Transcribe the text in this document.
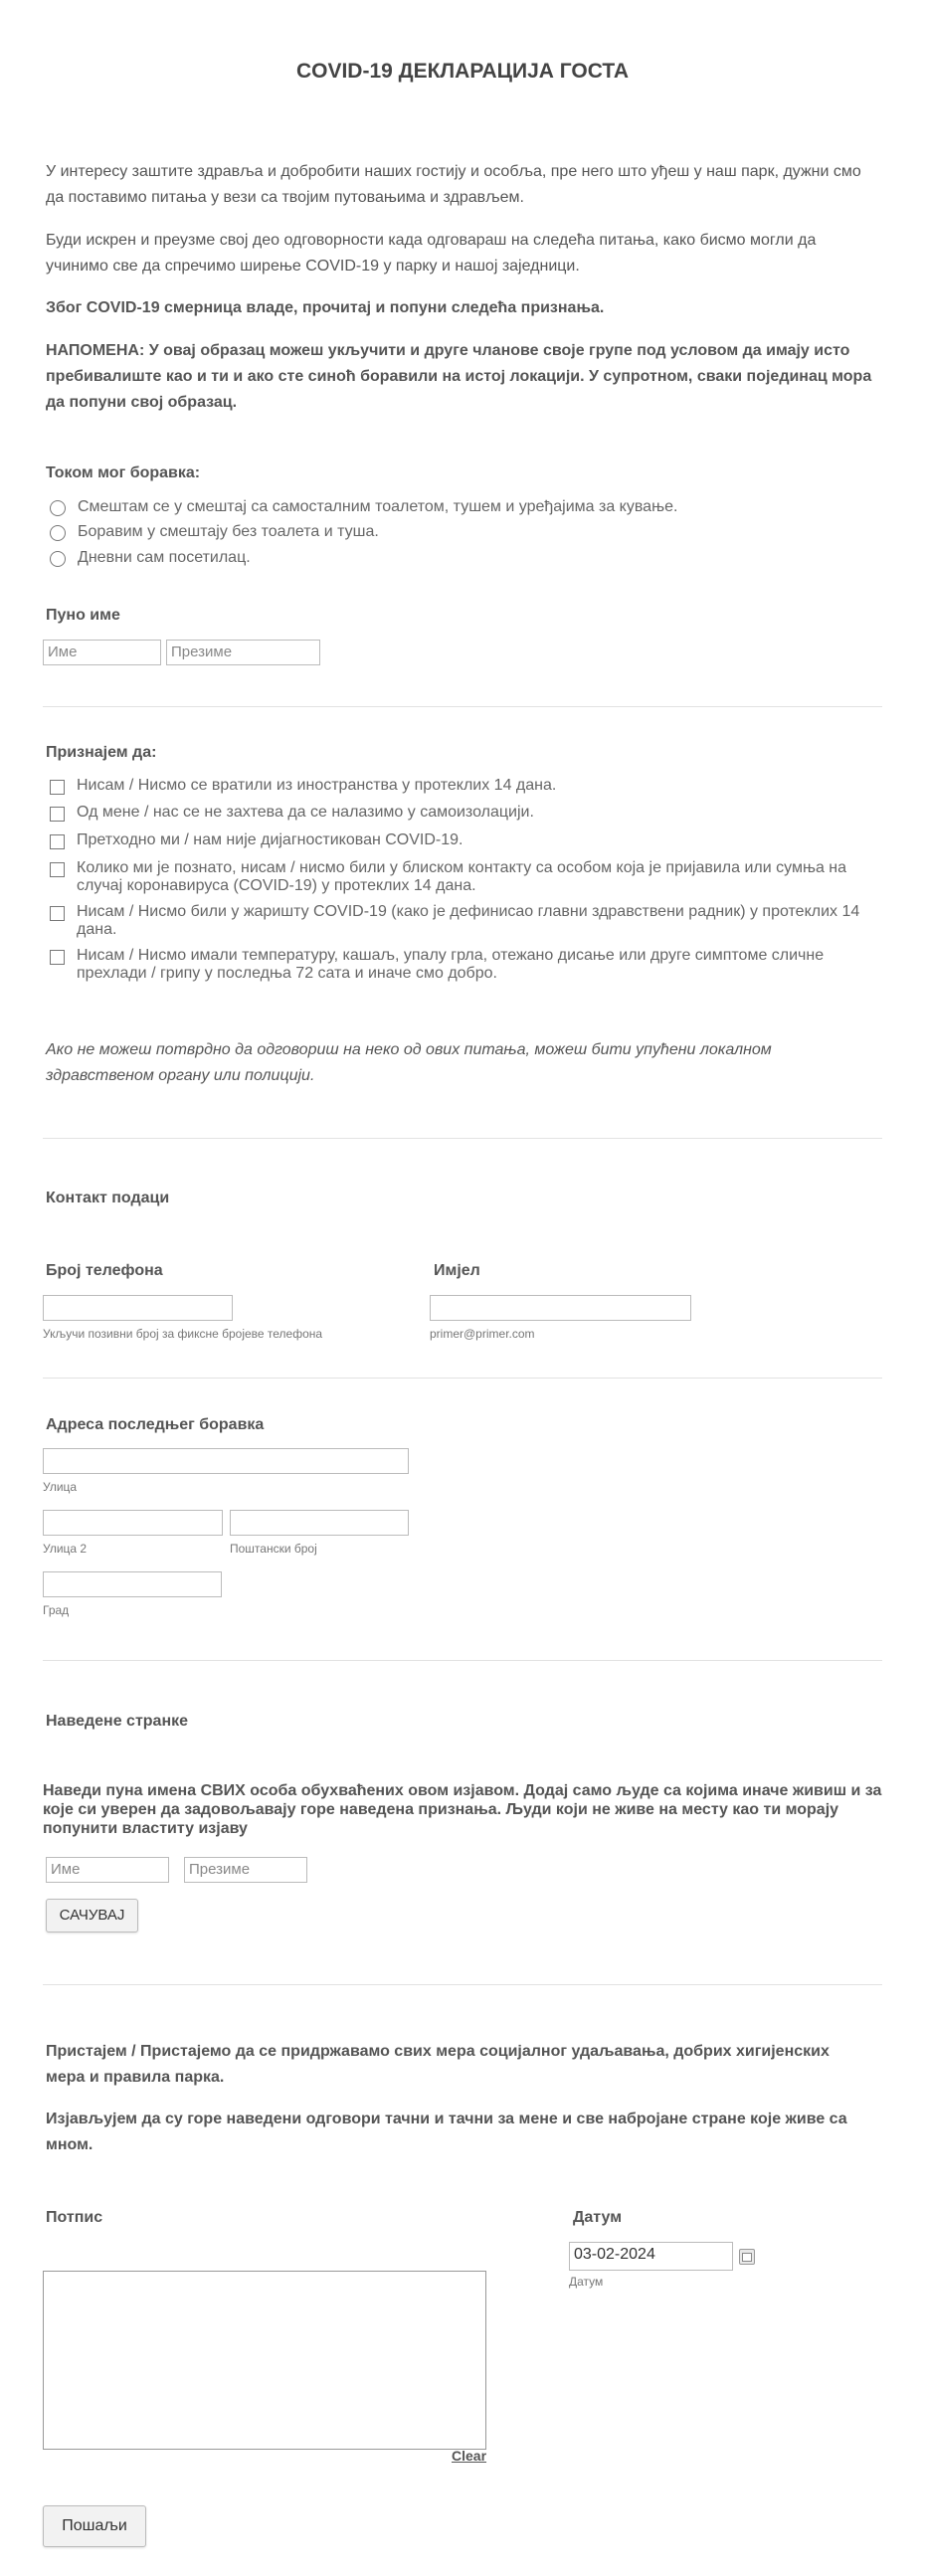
COVID-19 ДЕКЛАРАЦИЈА ГОСТА

У интересу заштите здравља и добробити наших гостију и особља, пре него што уђеш у наш парк, дужни смо да поставимо питања у вези са твојим путовањима и здрављем.

Буди искрен и преузме свој део одговорности када одговараш на следећа питања, како бисмо могли да учинимо све да спречимо ширење COVID-19 у парку и нашој заједници.

Због COVID-19 смерница владе, прочитај и попуни следећа признања.

НАПОМЕНА: У овај образац можеш укључити и друге чланове своје групе под условом да имају исто пребивалиште као и ти и ако сте синоћ боравили на истој локацији. У супротном, сваки појединац мора да попуни свој образац.

Током мог боравка:
Смештам се у смештај са самосталним тоалетом, тушем и уређајима за кување.
Боравим у смештају без тоалета и туша.
Дневни сам посетилац.
Пуно име
Име	Презиме
Признајем да:
Нисам / Нисмо се вратили из иностранства у протеклих 14 дана.
Од мене / нас се не захтева да се налазимо у самоизолацији.
Претходно ми / нам није дијагностикован COVID-19.
Колико ми је познато, нисам / нисмо били у блиском контакту са особом која је пријавила или сумња на случај коронавируса (COVID-19) у протеклих 14 дана.
Нисам / Нисмо били у жаришту COVID-19 (како је дефинисао главни здравствени радник) у протеклих 14 дана.
Нисам / Нисмо имали температуру, кашаљ, упалу грла, отежано дисање или друге симптоме сличне прехлади / грипу у последња 72 сата и иначе смо добро.

Ако не можеш потврдно да одговориш на неко од ових питања, можеш бити упућени локалном здравственом органу или полицији.

Контакт подаци
Број телефона
Укључи позивни број за фиксне бројеве телефона
Имјел
primer@primer.com
Адреса последњег боравка
Улица
Улица 2	Поштански број
Град
Наведене странке
Наведи пуна имена СВИХ особа обухваћених овом изјавом. Додај само људе са којима иначе живиш и за које си уверен да задовољавају горе наведена признања. Људи који не живе на месту као ти морају попунити властиту изјаву
Име	Презиме
САЧУВАЈ

Пристајем / Пристајемо да се придржавамо свих мера социјалног удаљавања, добрих хигијенских мера и правила парка.

Изјављујем да су горе наведени одговори тачни и тачни за мене и све набројане стране које живе са мном.

Потпис
Clear
Датум
03-02-2024
Датум
Пошаљи
